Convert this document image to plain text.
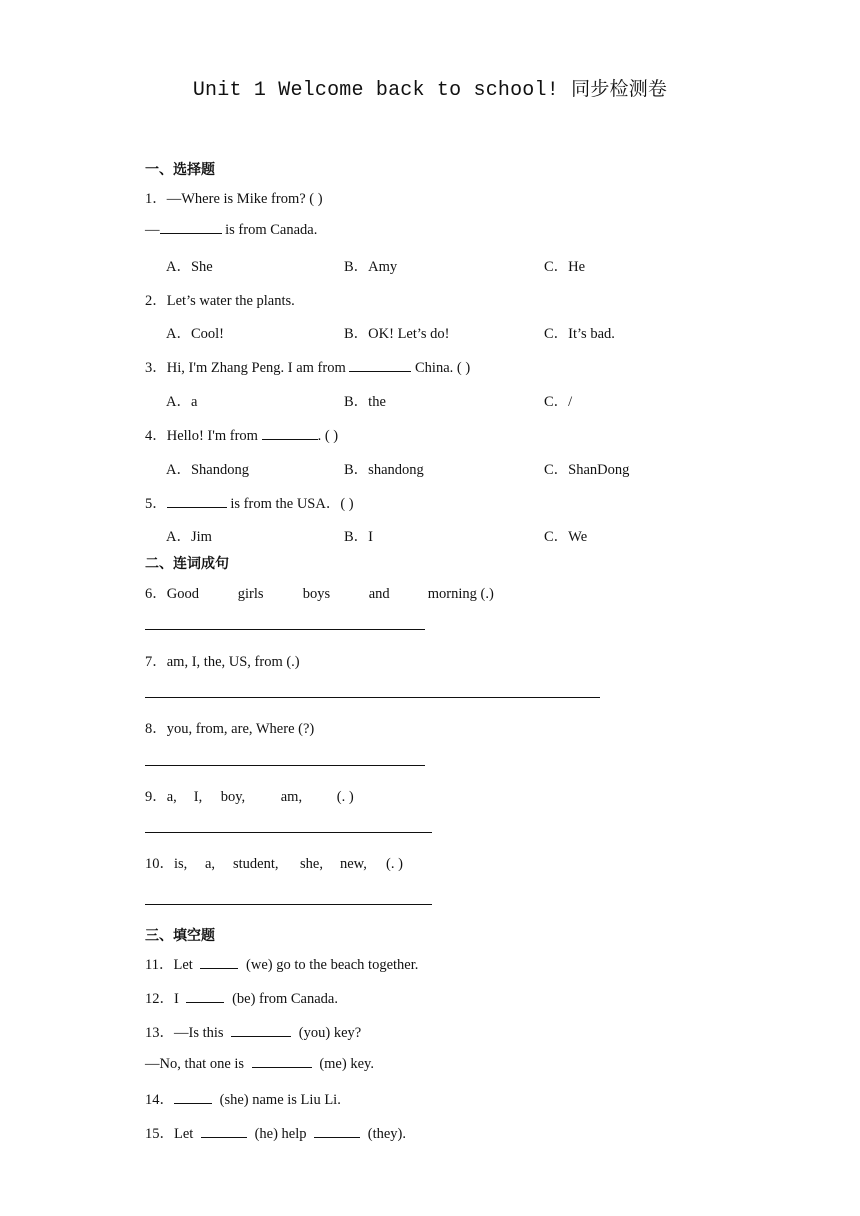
Unit 1 Welcome back to school! 同步检测卷
一、选择题
1．—Where is Mike from? ( )
—	is from Canada.
A．She	B．Amy	C．He
2．Let’s water the plants.
A．Cool!	B．OK! Let’s do!	C．It’s bad.
3．Hi, I'm Zhang Peng. I am from	China. ( )
A．a	B．the	C．/
4．Hello! I'm from	. ( )
A．Shandong	B．shandong	C．ShanDong
5．	is from the USA．( )
A．Jim	B．I	C．We
二、连词成句
6．Good	girls	boys	and	morning (.)
7．am, I, the, US, from (.)
8．you, from, are, Where (?)
9．a, I, boy, am, (. )
10．is, a, student, she, new, (. )
三、填空题
11．Let	(we) go to the beach together.
12．I	(be) from Canada.
13．—Is this	(you) key?
—No, that one is	(me) key.
14．	(she) name is Liu Li.
15．Let	(he) help	(they).
